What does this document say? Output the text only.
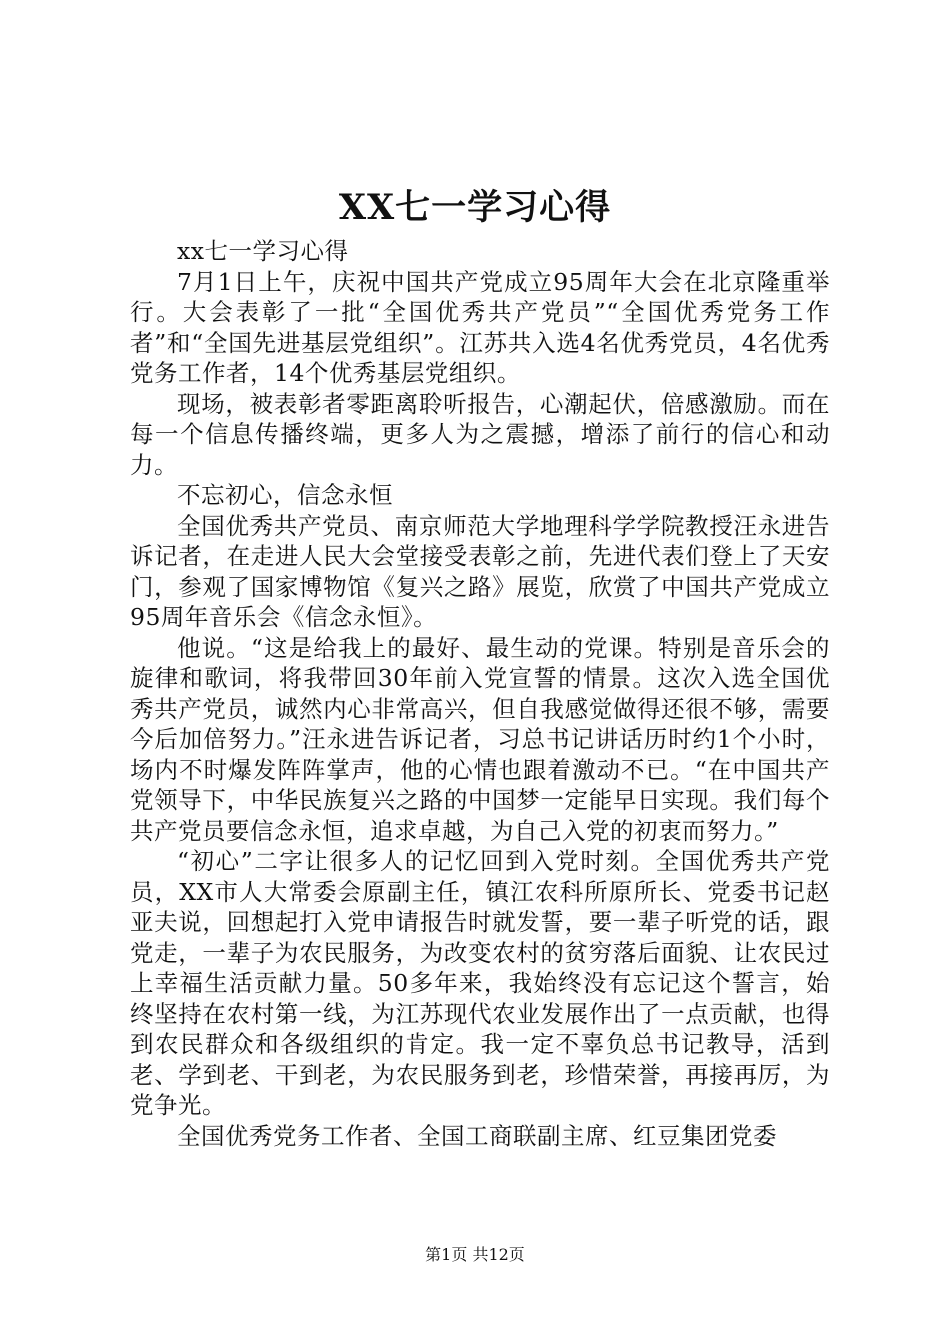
XX七一学习心得

xx七一学习心得

7月1日上午，庆祝中国共产党成立95周年大会在北京隆重举行。大会表彰了一批“全国优秀共产党员”“全国优秀党务工作者”和“全国先进基层党组织”。江苏共入选4名优秀党员，4名优秀党务工作者，14个优秀基层党组织。

现场，被表彰者零距离聆听报告，心潮起伏，倍感激励。而在每一个信息传播终端，更多人为之震撼，增添了前行的信心和动力。

不忘初心，信念永恒

全国优秀共产党员、南京师范大学地理科学学院教授汪永进告诉记者，在走进人民大会堂接受表彰之前，先进代表们登上了天安门，参观了国家博物馆《复兴之路》展览，欣赏了中国共产党成立95周年音乐会《信念永恒》。

他说。“这是给我上的最好、最生动的党课。特别是音乐会的旋律和歌词，将我带回30年前入党宣誓的情景。这次入选全国优秀共产党员，诚然内心非常高兴，但自我感觉做得还很不够，需要今后加倍努力。”汪永进告诉记者，习总书记讲话历时约1个小时，场内不时爆发阵阵掌声，他的心情也跟着激动不已。“在中国共产党领导下，中华民族复兴之路的中国梦一定能早日实现。我们每个共产党员要信念永恒，追求卓越，为自己入党的初衷而努力。”

“初心”二字让很多人的记忆回到入党时刻。全国优秀共产党员，XX市人大常委会原副主任，镇江农科所原所长、党委书记赵亚夫说，回想起打入党申请报告时就发誓，要一辈子听党的话，跟党走，一辈子为农民服务，为改变农村的贫穷落后面貌、让农民过上幸福生活贡献力量。50多年来，我始终没有忘记这个誓言，始终坚持在农村第一线，为江苏现代农业发展作出了一点贡献，也得到农民群众和各级组织的肯定。我一定不辜负总书记教导，活到老、学到老、干到老，为农民服务到老，珍惜荣誉，再接再厉，为党争光。

全国优秀党务工作者、全国工商联副主席、红豆集团党委

第1页 共12页
